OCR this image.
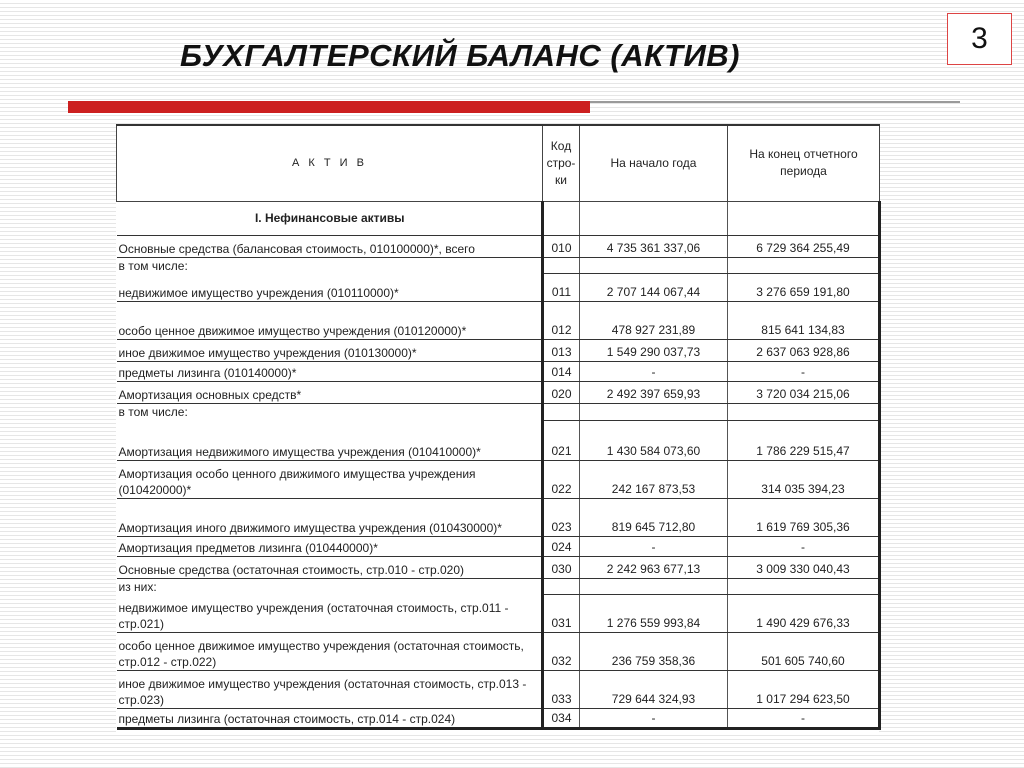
3
БУХГАЛТЕРСКИЙ БАЛАНС (АКТИВ)
А К Т И В	Код стро- ки	На начало года	На конец отчетного периода
I. Нефинансовые активы			
Основные средства (балансовая стоимость, 010100000)*, всего	010	4 735 361 337,06	6 729 364 255,49
в том числе:			
недвижимое имущество учреждения (010110000)*	011	2 707 144 067,44	3 276 659 191,80
особо ценное движимое имущество учреждения (010120000)*	012	478 927 231,89	815 641 134,83
иное движимое имущество учреждения (010130000)*	013	1 549 290 037,73	2 637 063 928,86
предметы лизинга (010140000)*	014	-	-
Амортизация основных средств*	020	2 492 397 659,93	3 720 034 215,06
в том числе:			
Амортизация недвижимого имущества учреждения (010410000)*	021	1 430 584 073,60	1 786 229 515,47
Амортизация особо ценного движимого имущества учреждения (010420000)*	022	242 167 873,53	314 035 394,23
Амортизация иного движимого имущества учреждения (010430000)*	023	819 645 712,80	1 619 769 305,36
Амортизация предметов лизинга (010440000)*	024	-	-
Основные средства (остаточная стоимость, стр.010 - стр.020)	030	2 242 963 677,13	3 009 330 040,43
из них:			
недвижимое имущество учреждения (остаточная стоимость, стр.011 - стр.021)	031	1 276 559 993,84	1 490 429 676,33
особо ценное движимое имущество учреждения (остаточная стоимость, стр.012 - стр.022)	032	236 759 358,36	501 605 740,60
иное движимое имущество учреждения (остаточная стоимость, стр.013 - стр.023)	033	729 644 324,93	1 017 294 623,50
предметы лизинга (остаточная стоимость, стр.014 - стр.024)	034	-	-
